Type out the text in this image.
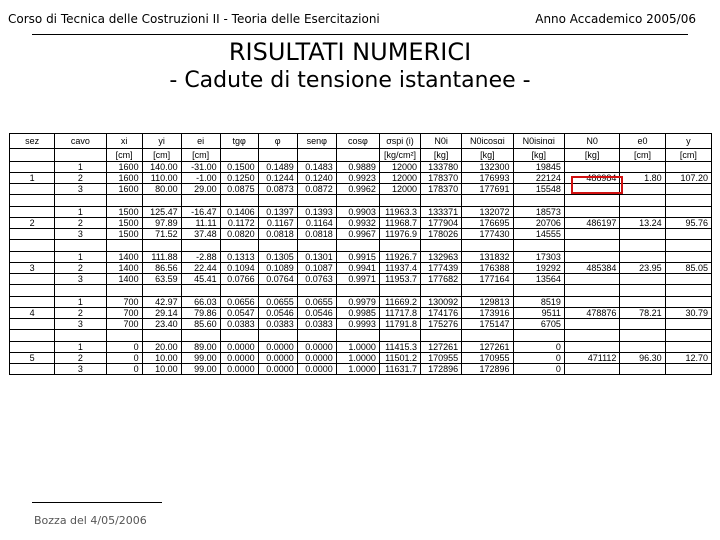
Corso di Tecnica delle Costruzioni II - Teoria delle Esercitazioni	Anno Accademico 2005/06
RISULTATI NUMERICI
- Cadute di tensione istantanee -
sez	cavo	xi	yi	ei	tgφ	φ	senφ	cosφ	σspi (i)	N0i	N0icosαi	N0isinαi	N0	e0	y
		[cm]	[cm]	[cm]					[kg/cm²]	[kg]	[kg]	[kg]	[kg]	[cm]	[cm]
	1	1600	140.00	-31.00	0.1500	0.1489	0.1483	0.9889	12000	133780	132300	19845			
1	2	1600	110.00	-1.00	0.1250	0.1244	0.1240	0.9923	12000	178370	176993	22124	486984	1.80	107.20
	3	1600	80.00	29.00	0.0875	0.0873	0.0872	0.9962	12000	178370	177691	15548			

	1	1500	125.47	-16.47	0.1406	0.1397	0.1393	0.9903	11963.3	133371	132072	18573			
2	2	1500	97.89	11.11	0.1172	0.1167	0.1164	0.9932	11968.7	177904	176695	20706	486197	13.24	95.76
	3	1500	71.52	37.48	0.0820	0.0818	0.0818	0.9967	11976.9	178026	177430	14555			

	1	1400	111.88	-2.88	0.1313	0.1305	0.1301	0.9915	11926.7	132963	131832	17303			
3	2	1400	86.56	22.44	0.1094	0.1089	0.1087	0.9941	11937.4	177439	176388	19292	485384	23.95	85.05
	3	1400	63.59	45.41	0.0766	0.0764	0.0763	0.9971	11953.7	177682	177164	13564			

	1	700	42.97	66.03	0.0656	0.0655	0.0655	0.9979	11669.2	130092	129813	8519			
4	2	700	29.14	79.86	0.0547	0.0546	0.0546	0.9985	11717.8	174176	173916	9511	478876	78.21	30.79
	3	700	23.40	85.60	0.0383	0.0383	0.0383	0.9993	11791.8	175276	175147	6705			

	1	0	20.00	89.00	0.0000	0.0000	0.0000	1.0000	11415.3	127261	127261	0			
5	2	0	10.00	99.00	0.0000	0.0000	0.0000	1.0000	11501.2	170955	170955	0	471112	96.30	12.70
	3	0	10.00	99.00	0.0000	0.0000	0.0000	1.0000	11631.7	172896	172896	0			
Bozza del 4/05/2006
